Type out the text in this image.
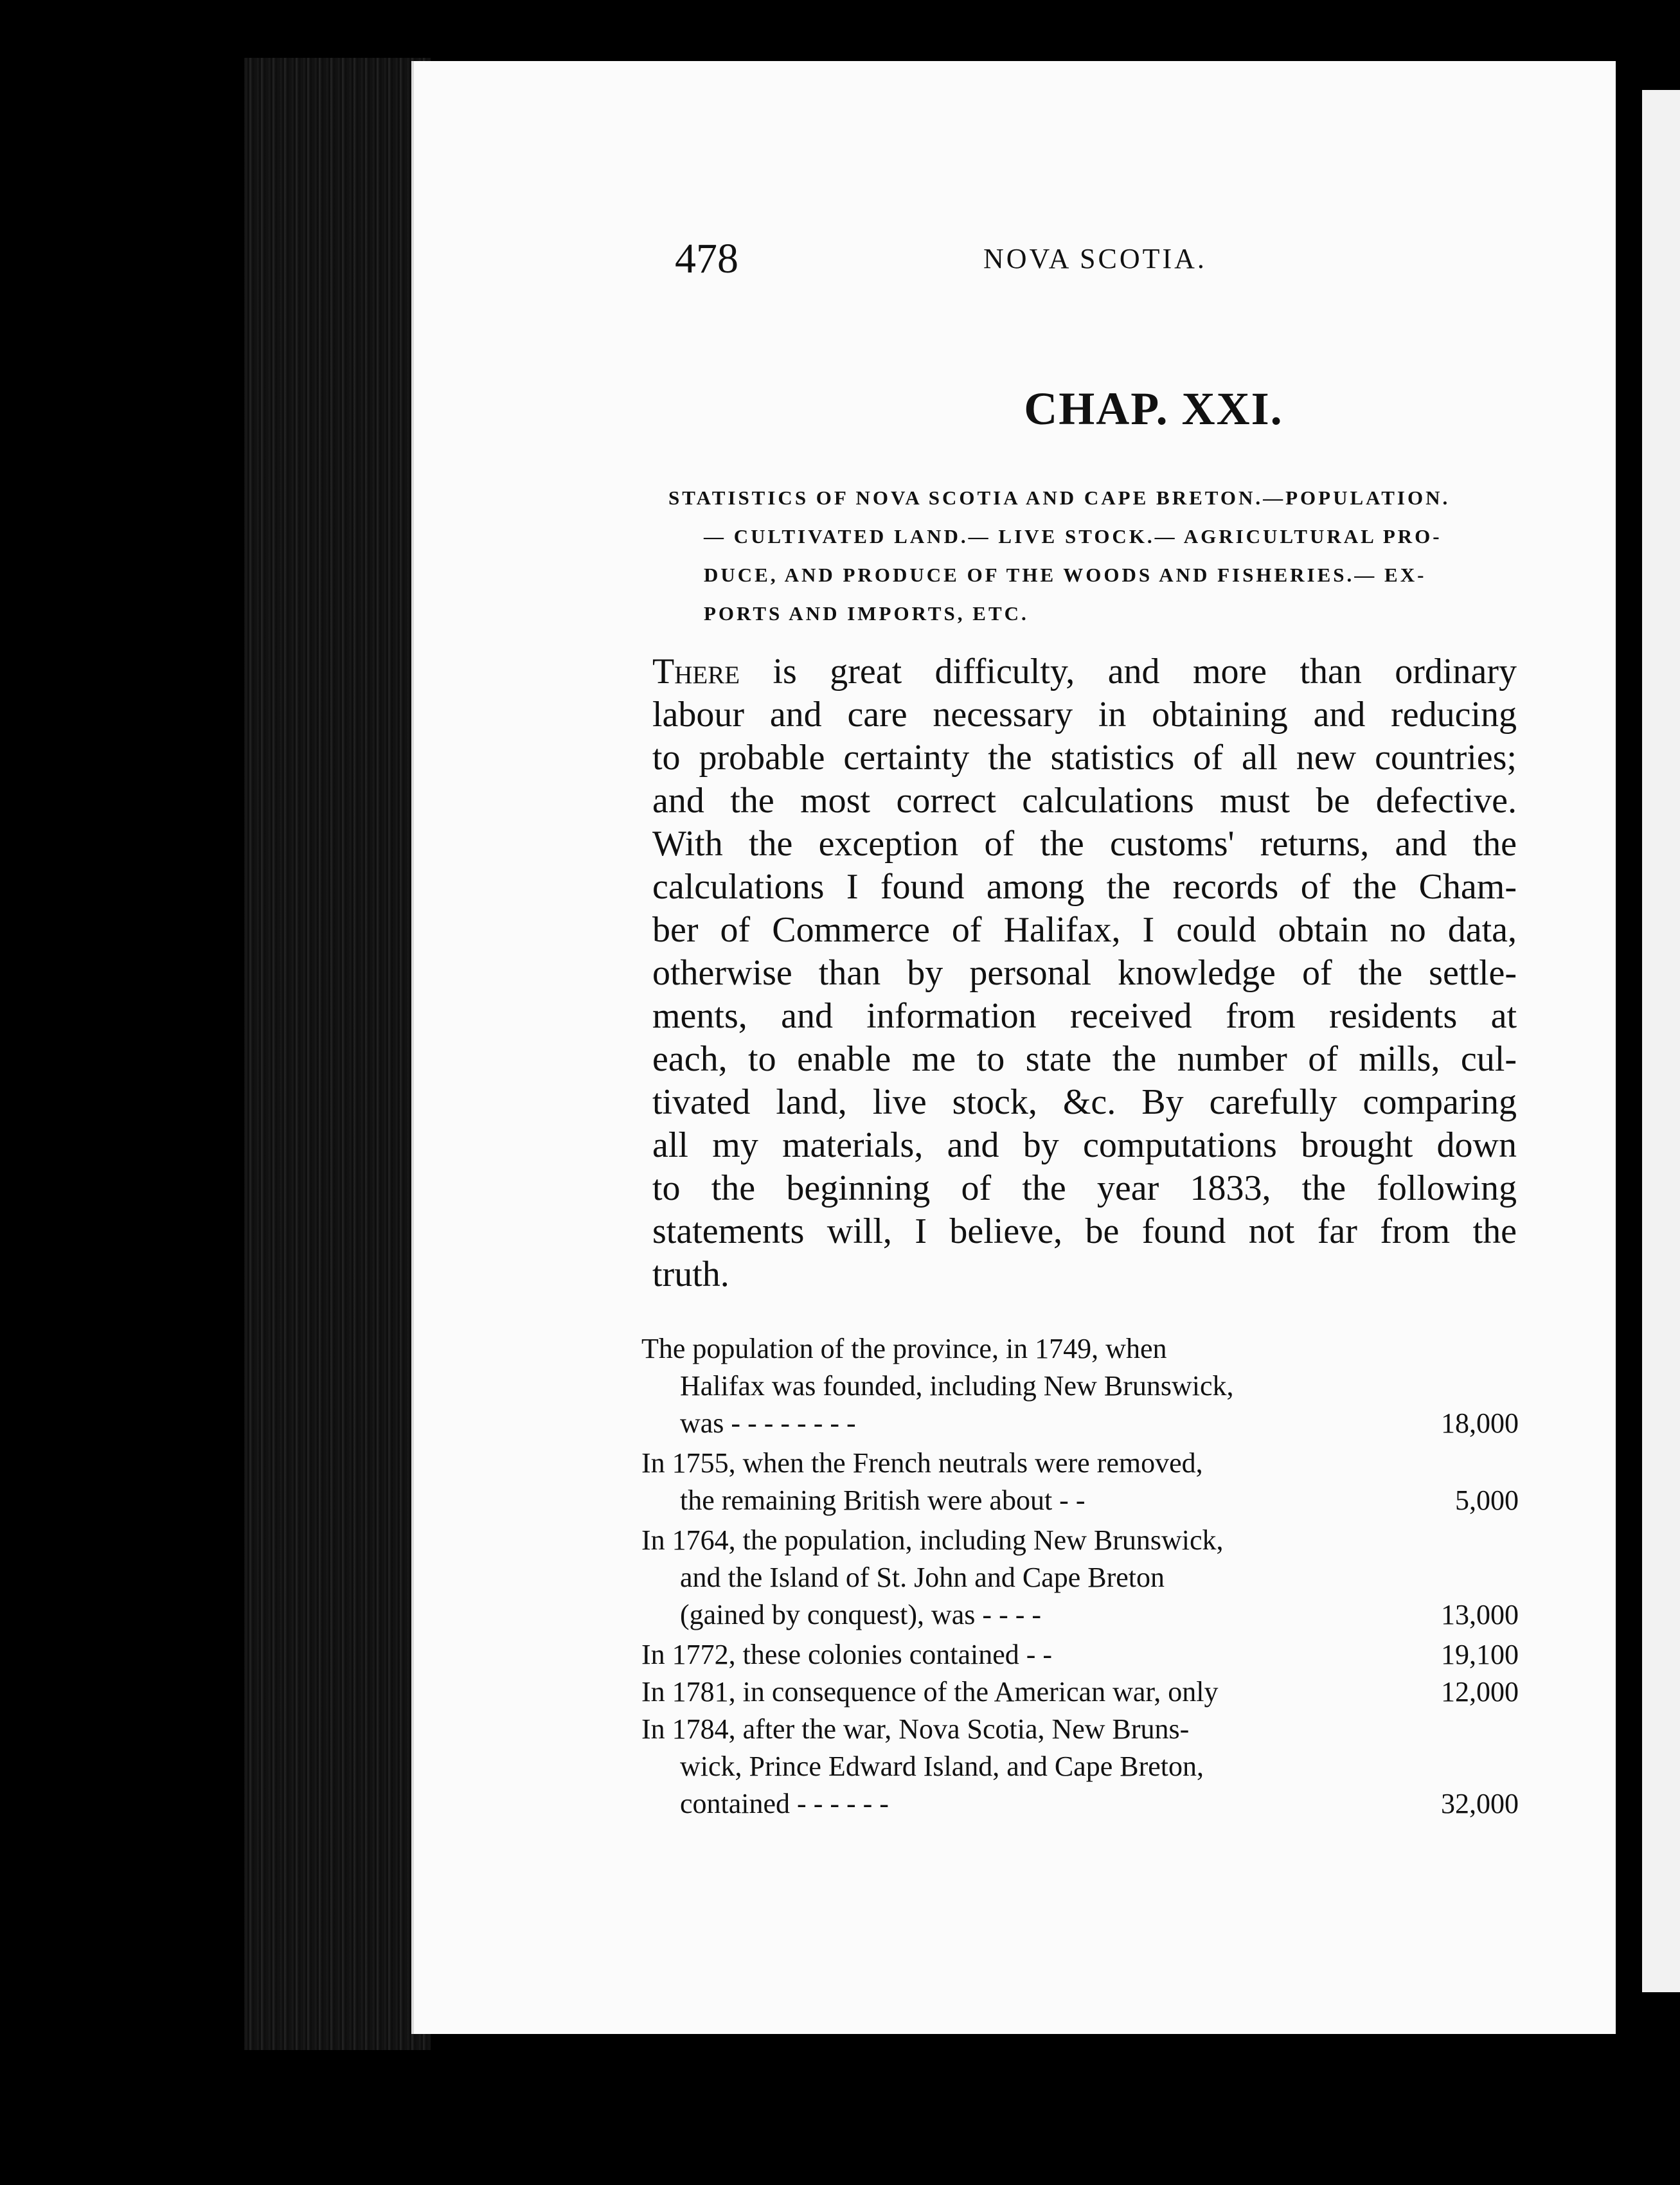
478	NOVA SCOTIA.
CHAP. XXI.
STATISTICS OF NOVA SCOTIA AND CAPE BRETON.—POPULATION.
— CULTIVATED LAND.— LIVE STOCK.— AGRICULTURAL PRO-
DUCE, AND PRODUCE OF THE WOODS AND FISHERIES.— EX-
PORTS AND IMPORTS, ETC.
There is great difficulty, and more than ordinary
labour and care necessary in obtaining and reducing
to probable certainty the statistics of all new countries;
and the most correct calculations must be defective.
With the exception of the customs' returns, and the
calculations I found among the records of the Cham-
ber of Commerce of Halifax, I could obtain no data,
otherwise than by personal knowledge of the settle-
ments, and information received from residents at
each, to enable me to state the number of mills, cul-
tivated land, live stock, &c. By carefully comparing
all my materials, and by computations brought down
to the beginning of the year 1833, the following
statements will, I believe, be found not far from the
truth.
The population of the province, in 1749, when
Halifax was founded, including New Brunswick,
was - - - - - - - -	18,000
In 1755, when the French neutrals were removed,
the remaining British were about - -	5,000
In 1764, the population, including New Brunswick,
and the Island of St. John and Cape Breton
(gained by conquest), was - - - -	13,000
In 1772, these colonies contained - -	19,100
In 1781, in consequence of the American war, only	12,000
In 1784, after the war, Nova Scotia, New Bruns-
wick, Prince Edward Island, and Cape Breton,
contained - - - - - -	32,000
